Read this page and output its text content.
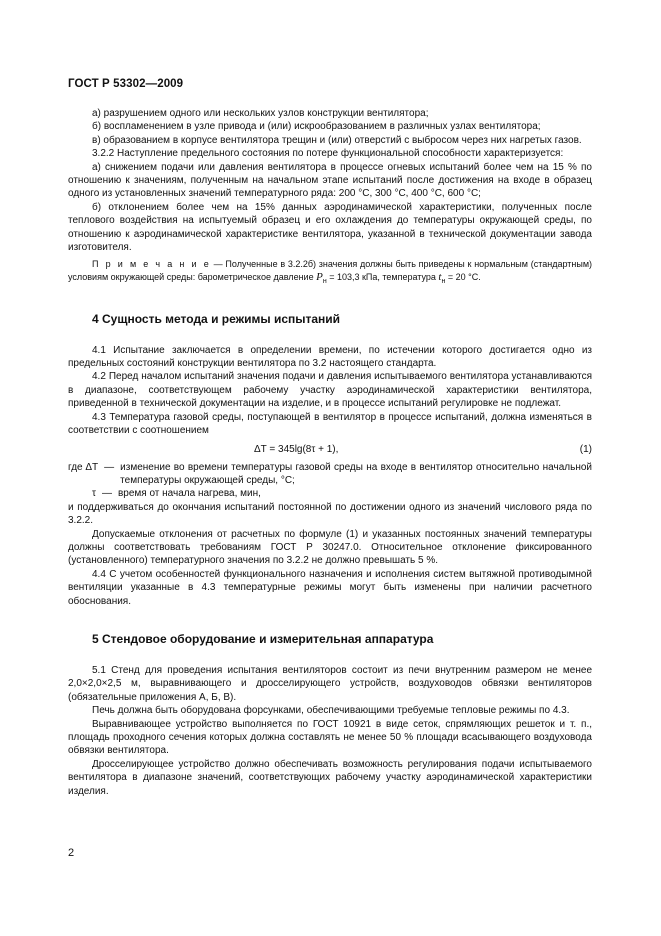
ГОСТ Р 53302—2009

а) разрушением одного или нескольких узлов конструкции вентилятора;

б) воспламенением в узле привода и (или) искрообразованием в различных узлах вентилятора;

в) образованием в корпусе вентилятора трещин и (или) отверстий с выбросом через них нагретых газов.

3.2.2 Наступление предельного состояния по потере функциональной способности характеризуется:

а) снижением подачи или давления вентилятора в процессе огневых испытаний более чем на 15 % по отношению к значениям, полученным на начальном этапе испытаний после достижения на входе в образец одного из установленных значений температурного ряда: 200 °С, 300 °С, 400 °С, 600 °С;

б) отклонением более чем на 15% данных аэродинамической характеристики, полученных после теплового воздействия на испытуемый образец и его охлаждения до температуры окружающей среды, по отношению к аэродинамической характеристике вентилятора, указанной в технической документации завода изготовителя.

П р и м е ч а н и е — Полученные в 3.2.2б) значения должны быть приведены к нормальным (стандартным) условиям окружающей среды: барометрическое давление $P_н = 103,3$ кПа, температура $t_н = 20$ °С.

4 Сущность метода и режимы испытаний

4.1 Испытание заключается в определении времени, по истечении которого достигается одно из предельных состояний конструкции вентилятора по 3.2 настоящего стандарта.

4.2 Перед началом испытаний значения подачи и давления испытываемого вентилятора устанавливаются в диапазоне, соответствующем рабочему участку аэродинамической характеристики вентилятора, приведенной в технической документации на изделие, и в процессе испытаний регулировке не подлежат.

4.3 Температура газовой среды, поступающей в вентилятор в процессе испытаний, должна изменяться в соответствии с соотношением

ΔT = 345lg(8τ + 1),	(1)
где ΔT — изменение во времени температуры газовой среды на входе в вентилятор относительно начальной температуры окружающей среды, °С;
τ — время от начала нагрева, мин,

и поддерживаться до окончания испытаний постоянной по достижении одного из значений числового ряда по 3.2.2.

Допускаемые отклонения от расчетных по формуле (1) и указанных постоянных значений температуры должны соответствовать требованиям ГОСТ Р 30247.0. Относительное отклонение фиксированного (установленного) температурного значения по 3.2.2 не должно превышать 5 %.

4.4 С учетом особенностей функционального назначения и исполнения систем вытяжной противодымной вентиляции указанные в 4.3 температурные режимы могут быть изменены при наличии расчетного обоснования.

5 Стендовое оборудование и измерительная аппаратура

5.1 Стенд для проведения испытания вентиляторов состоит из печи внутренним размером не менее 2,0×2,0×2,5 м, выравнивающего и дросселирующего устройств, воздуховодов обвязки вентиляторов (обязательные приложения А, Б, В).

Печь должна быть оборудована форсунками, обеспечивающими требуемые тепловые режимы по 4.3.

Выравнивающее устройство выполняется по ГОСТ 10921 в виде сеток, спрямляющих решеток и т. п., площадь проходного сечения которых должна составлять не менее 50 % площади всасывающего воздуховода обвязки вентилятора.

Дросселирующее устройство должно обеспечивать возможность регулирования подачи испытываемого вентилятора в диапазоне значений, соответствующих рабочему участку аэродинамической характеристики изделия.

2
